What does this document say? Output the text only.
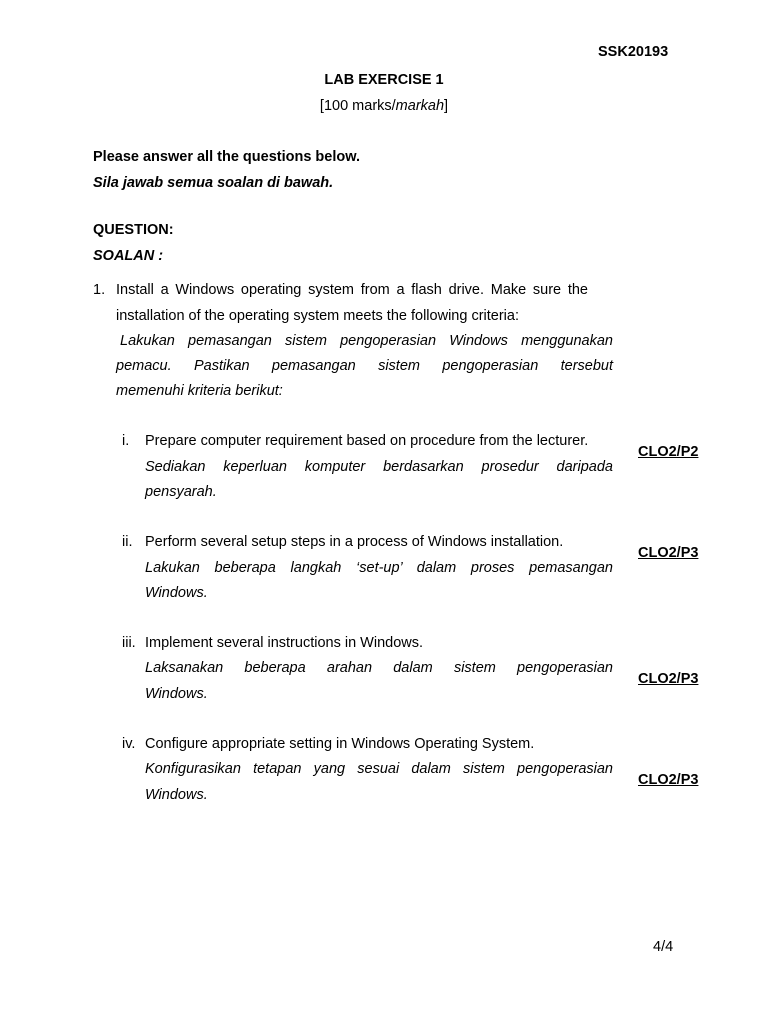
SSK20193
LAB EXERCISE 1
[100 marks/markah]
Please answer all the questions below.
Sila jawab semua soalan di bawah.
QUESTION:
SOALAN :
1. Install a Windows operating system from a flash drive. Make sure the
installation of the operating system meets the following criteria:
Lakukan pemasangan sistem pengoperasian Windows menggunakan
pemacu. Pastikan pemasangan sistem pengoperasian tersebut
memenuhi kriteria berikut:
i. Prepare computer requirement based on procedure from the lecturer.
Sediakan keperluan komputer berdasarkan prosedur daripada
pensyarah.
CLO2/P2
ii. Perform several setup steps in a process of Windows installation.
Lakukan beberapa langkah ‘set-up’ dalam proses pemasangan
Windows.
CLO2/P3
iii. Implement several instructions in Windows.
Laksanakan beberapa arahan dalam sistem pengoperasian
Windows.
CLO2/P3
iv. Configure appropriate setting in Windows Operating System.
Konfigurasikan tetapan yang sesuai dalam sistem pengoperasian
Windows.
CLO2/P3
4/4
